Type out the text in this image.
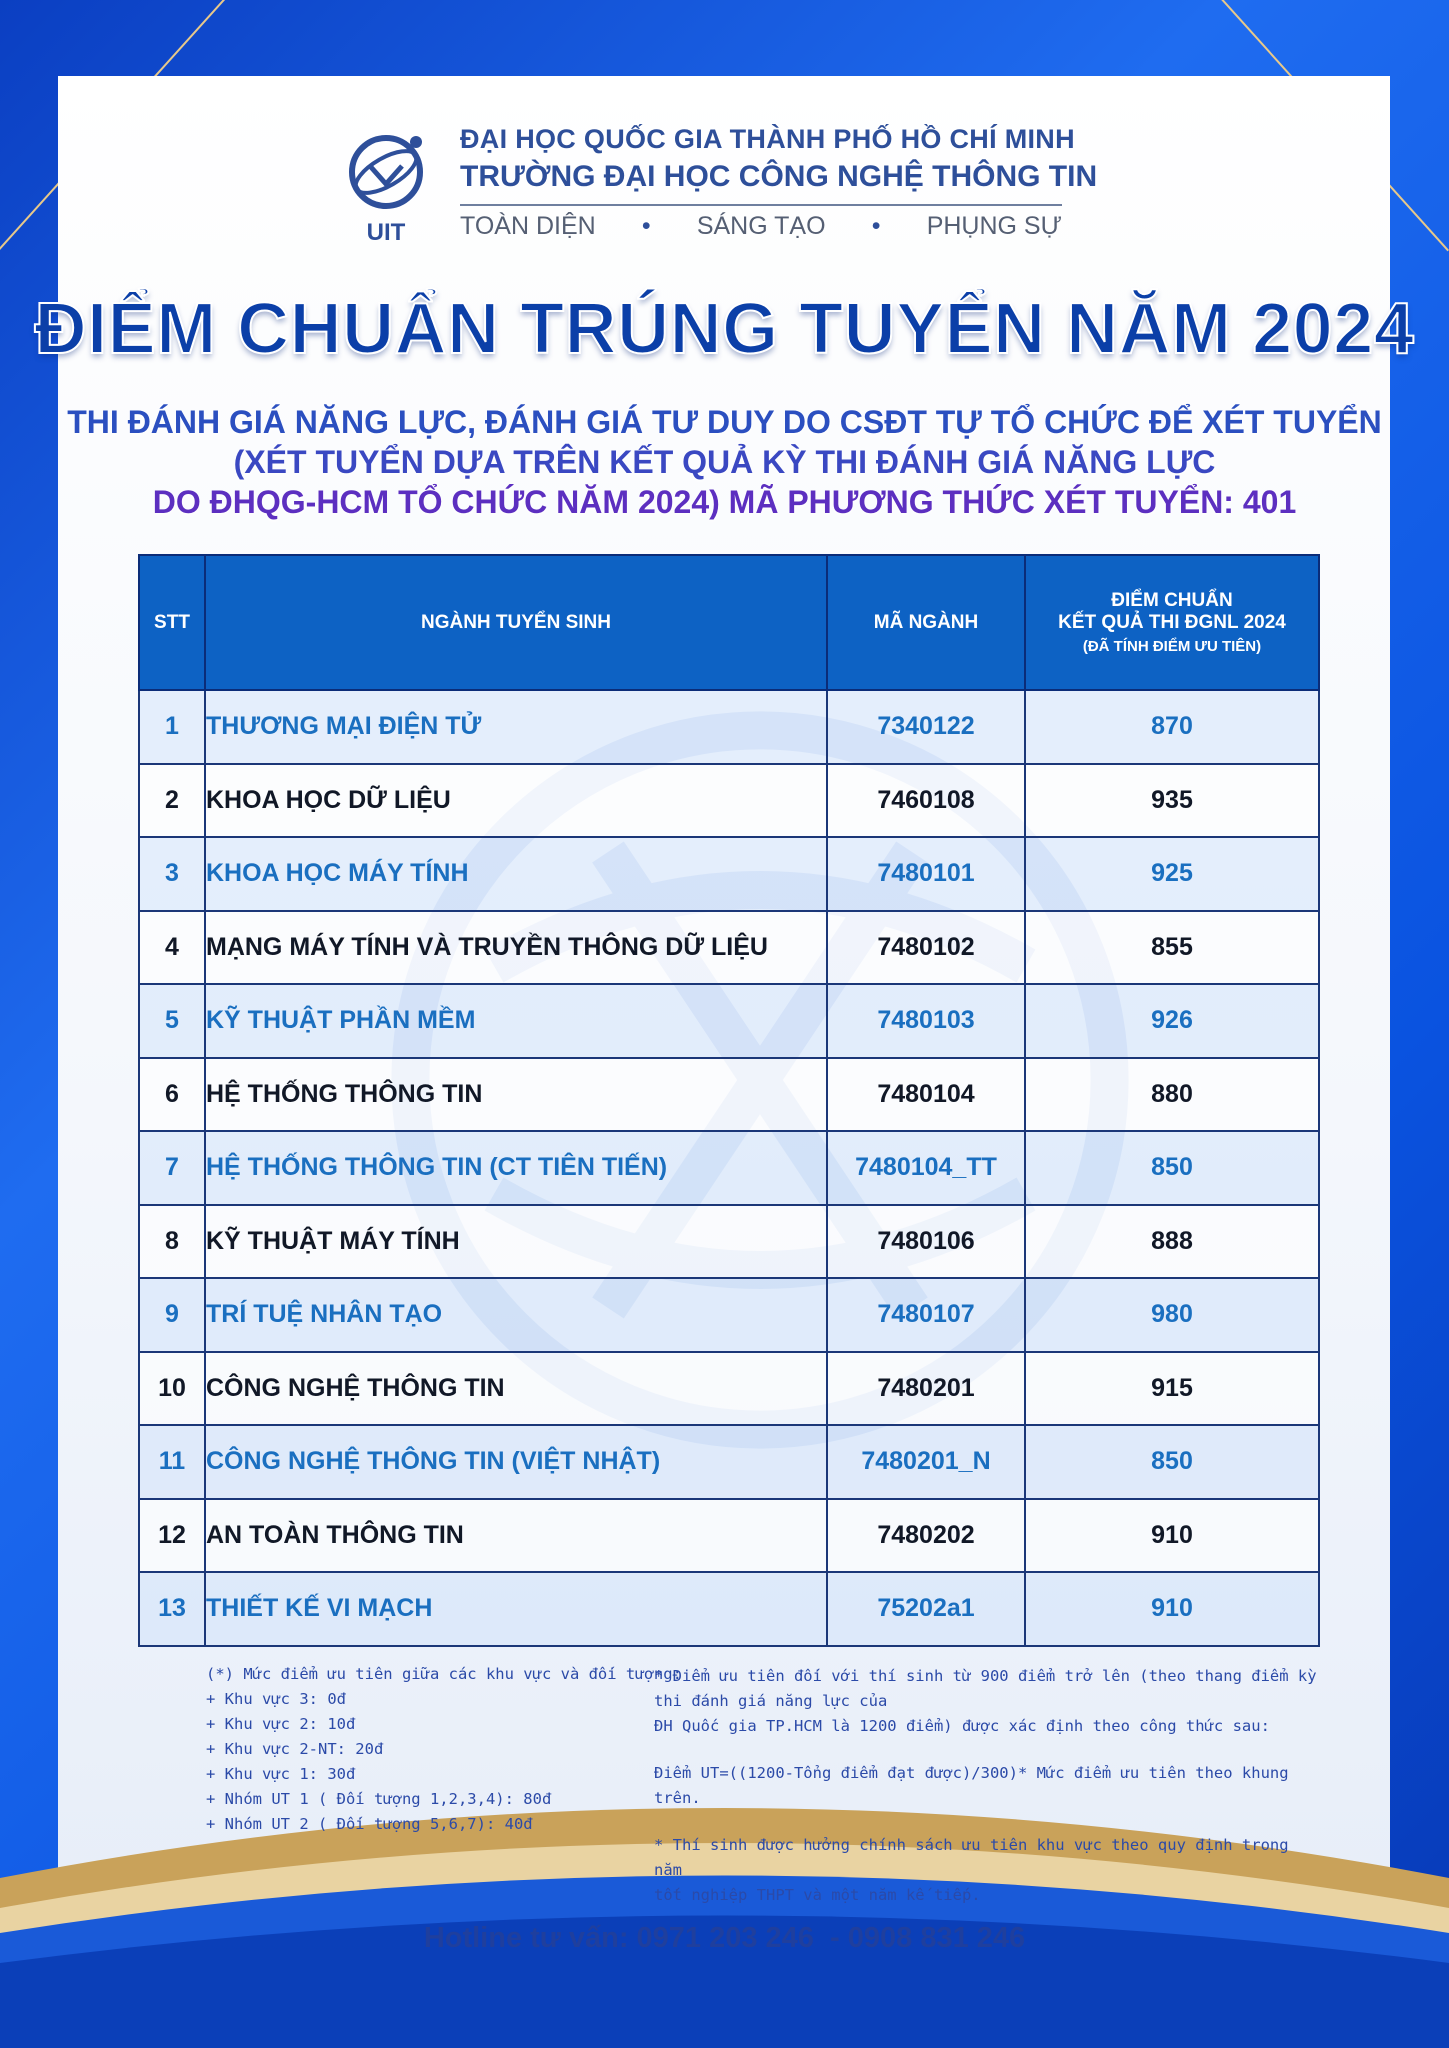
UIT
ĐẠI HỌC QUỐC GIA THÀNH PHỐ HỒ CHÍ MINH
TRƯỜNG ĐẠI HỌC CÔNG NGHỆ THÔNG TIN
TOÀN DIỆN • SÁNG TẠO • PHỤNG SỰ
ĐIỂM CHUẨN TRÚNG TUYỂN NĂM 2024
THI ĐÁNH GIÁ NĂNG LỰC, ĐÁNH GIÁ TƯ DUY DO CSĐT TỰ TỔ CHỨC ĐỂ XÉT TUYỂN
(XÉT TUYỂN DỰA TRÊN KẾT QUẢ KỲ THI ĐÁNH GIÁ NĂNG LỰC
DO ĐHQG-HCM TỔ CHỨC NĂM 2024) MÃ PHƯƠNG THỨC XÉT TUYỂN: 401
STT	NGÀNH TUYỂN SINH	MÃ NGÀNH	ĐIỂM CHUẨN
KẾT QUẢ THI ĐGNL 2024
(ĐÃ TÍNH ĐIỂM ƯU TIÊN)

1	THƯƠNG MẠI ĐIỆN TỬ	7340122	870
2	KHOA HỌC DỮ LIỆU	7460108	935
3	KHOA HỌC MÁY TÍNH	7480101	925
4	MẠNG MÁY TÍNH VÀ TRUYỀN THÔNG DỮ LIỆU	7480102	855
5	KỸ THUẬT PHẦN MỀM	7480103	926
6	HỆ THỐNG THÔNG TIN	7480104	880
7	HỆ THỐNG THÔNG TIN (CT TIÊN TIẾN)	7480104_TT	850
8	KỸ THUẬT MÁY TÍNH	7480106	888
9	TRÍ TUỆ NHÂN TẠO	7480107	980
10	CÔNG NGHỆ THÔNG TIN	7480201	915
11	CÔNG NGHỆ THÔNG TIN (VIỆT NHẬT)	7480201_N	850
12	AN TOÀN THÔNG TIN	7480202	910
13	THIẾT KẾ VI MẠCH	75202a1	910
(*) Mức điểm ưu tiên giữa các khu vực và đối tượng:
+ Khu vực 3: 0đ
+ Khu vực 2: 10đ
+ Khu vực 2-NT: 20đ
+ Khu vực 1: 30đ
+ Nhóm UT 1 ( Đối tượng 1,2,3,4): 80đ
+ Nhóm UT 2 ( Đối tượng 5,6,7): 40đ

* Điểm ưu tiên đối với thí sinh từ 900 điểm trở lên (theo thang điểm kỳ thi đánh giá năng lực của

ĐH Quốc gia TP.HCM là 1200 điểm) được xác định theo công thức sau:

Điểm UT=((1200-Tổng điểm đạt được)/300)* Mức điểm ưu tiên theo khung trên.

* Thí sinh được hưởng chính sách ưu tiên khu vực theo quy định trong năm

tốt nghiệp THPT và một năm kế tiếp.

Hotline tư vấn: 0971 203 246  - 0908 831 246
